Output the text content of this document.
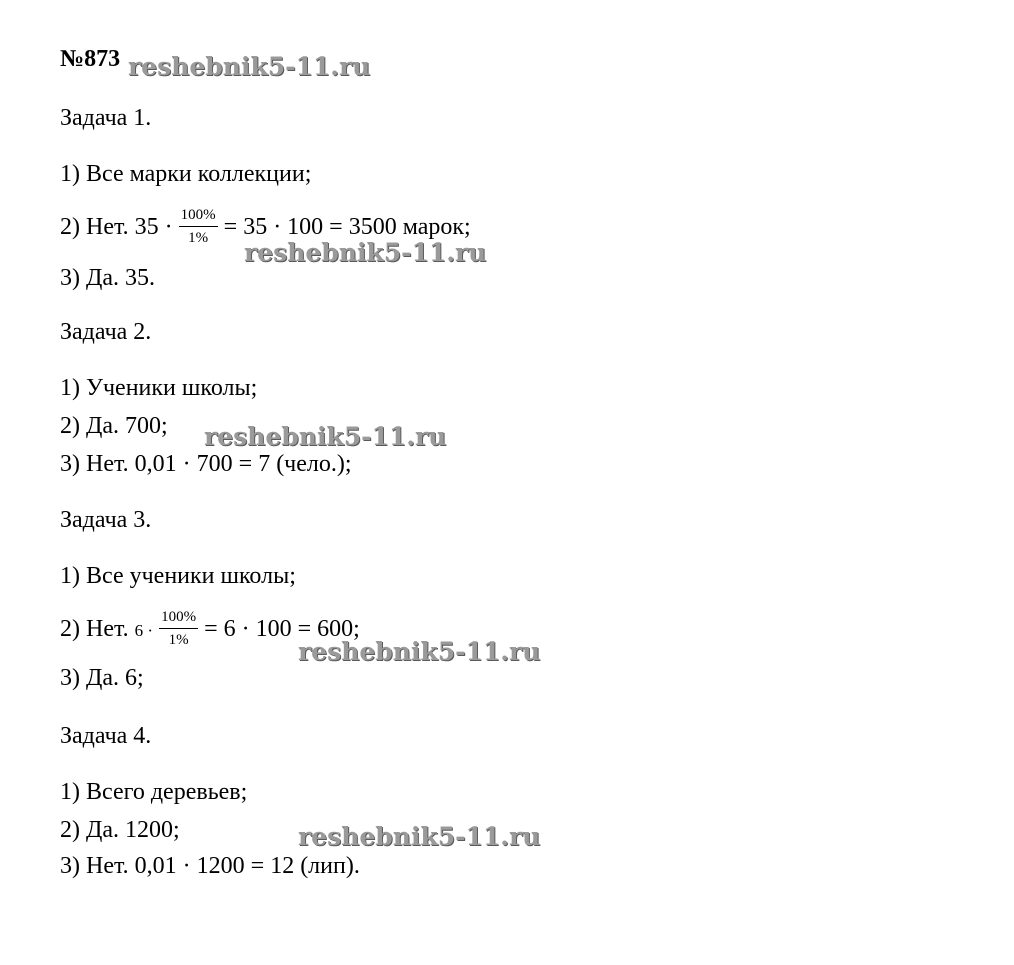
№873
Задача 1.
1) Все марки коллекции;
2) Нет. $35 \cdot \frac{100\%}{1\%} = 35 \cdot 100 = 3500$ марок;
3) Да. 35.
Задача 2.
1) Ученики школы;
2) Да. 700;
3) Нет. 0,01 · 700 = 7 (чело.);
Задача 3.
1) Все ученики школы;
2) Нет. $6 \cdot \frac{100\%}{1\%} = 6 \cdot 100 = 600$;
3) Да. 6;
Задача 4.
1) Всего деревьев;
2) Да. 1200;
3) Нет. 0,01 · 1200 = 12 (лип).
reshebnik5-11.ru
reshebnik5-11.ru
reshebnik5-11.ru
reshebnik5-11.ru
reshebnik5-11.ru
